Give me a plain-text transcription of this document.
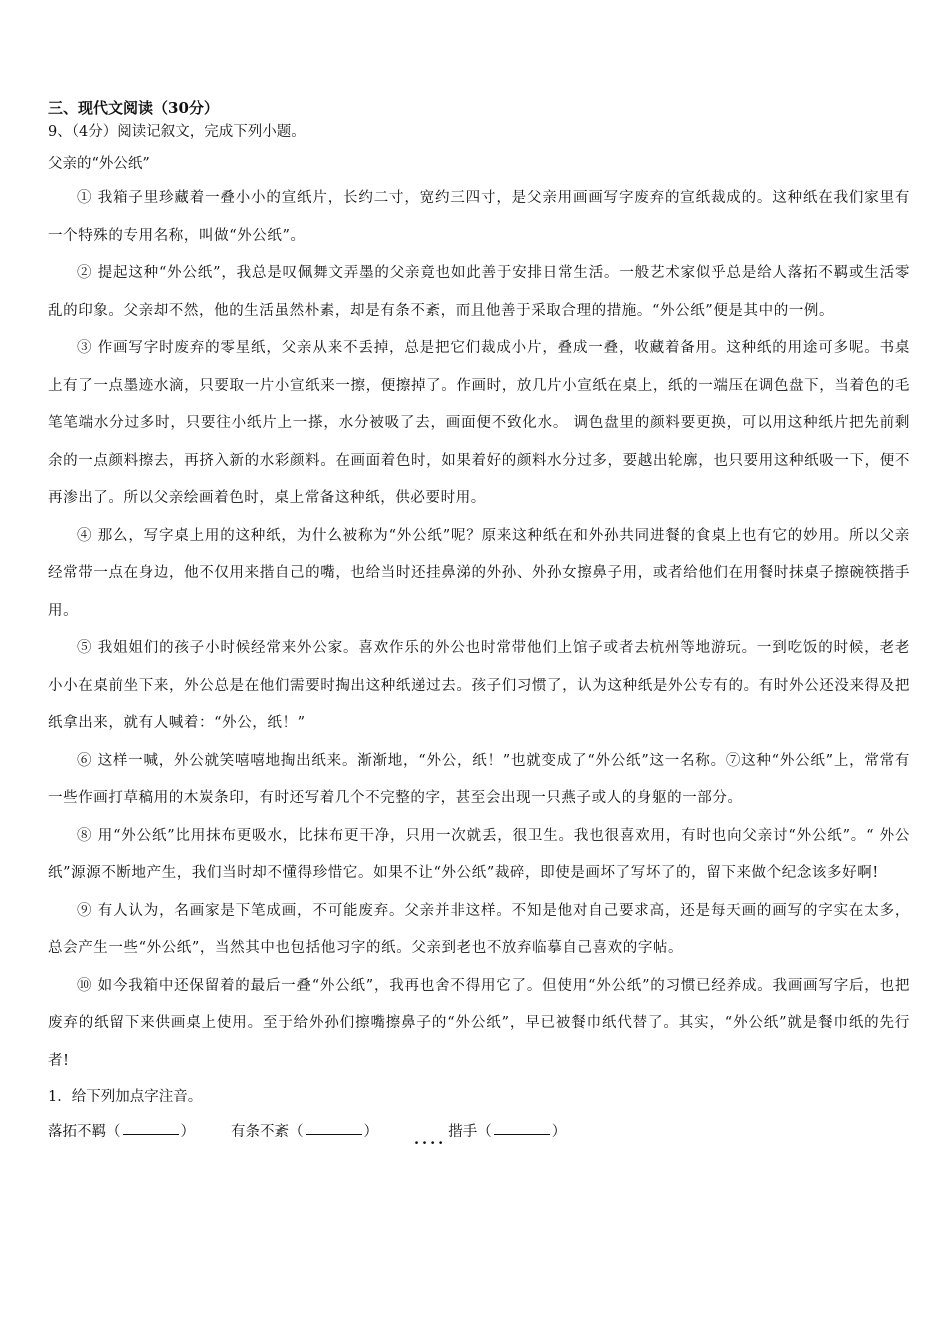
三、现代文阅读（30分）
9、（4分）阅读记叙文，完成下列小题。
父亲的“外公纸”

① 我箱子里珍藏着一叠小小的宣纸片，长约二寸，宽约三四寸，是父亲用画画写字废弃的宣纸裁成的。这种纸在我们家里有一个特殊的专用名称，叫做“外公纸”。

② 提起这种“外公纸”，我总是叹佩舞文弄墨的父亲竟也如此善于安排日常生活。一般艺术家似乎总是给人落拓不羁或生活零乱的印象。父亲却不然，他的生活虽然朴素，却是有条不紊，而且他善于采取合理的措施。“外公纸”便是其中的一例。

③ 作画写字时废弃的零星纸，父亲从来不丢掉，总是把它们裁成小片，叠成一叠，收藏着备用。这种纸的用途可多呢。书桌上有了一点墨迹水滴，只要取一片小宣纸来一擦，便擦掉了。作画时，放几片小宣纸在桌上，纸的一端压在调色盘下，当着色的毛笔笔端水分过多时，只要往小纸片上一搽，水分被吸了去，画面便不致化水。 调色盘里的颜料要更换，可以用这种纸片把先前剩余的一点颜料擦去，再挤入新的水彩颜料。在画面着色时，如果着好的颜料水分过多，要越出轮廓，也只要用这种纸吸一下，便不再渗出了。所以父亲绘画着色时，桌上常备这种纸，供必要时用。

④ 那么，写字桌上用的这种纸，为什么被称为“外公纸”呢？原来这种纸在和外孙共同进餐的食桌上也有它的妙用。所以父亲经常带一点在身边，他不仅用来揩自己的嘴，也给当时还挂鼻涕的外孙、外孙女擦鼻子用，或者给他们在用餐时抹桌子擦碗筷揩手用。

⑤ 我姐姐们的孩子小时候经常来外公家。喜欢作乐的外公也时常带他们上馆子或者去杭州等地游玩。一到吃饭的时候，老老小小在桌前坐下来，外公总是在他们需要时掏出这种纸递过去。孩子们习惯了，认为这种纸是外公专有的。有时外公还没来得及把纸拿出来，就有人喊着：“外公，纸！”

⑥ 这样一喊，外公就笑嘻嘻地掏出纸来。渐渐地，“外公，纸！”也就变成了“外公纸”这一名称。⑦这种“外公纸”上，常常有一些作画打草稿用的木炭条印，有时还写着几个不完整的字，甚至会出现一只燕子或人的身躯的一部分。

⑧ 用“外公纸”比用抹布更吸水，比抹布更干净，只用一次就丢，很卫生。我也很喜欢用，有时也向父亲讨“外公纸”。“ 外公纸”源源不断地产生，我们当时却不懂得珍惜它。如果不让“外公纸”裁碎，即使是画坏了写坏了的，留下来做个纪念该多好啊!

⑨ 有人认为，名画家是下笔成画，不可能废弃。父亲并非这样。不知是他对自己要求高，还是每天画的画写的字实在太多，总会产生一些“外公纸”，当然其中也包括他习字的纸。父亲到老也不放弃临摹自己喜欢的字帖。

⑩ 如今我箱中还保留着的最后一叠“外公纸”，我再也舍不得用它了。但使用“外公纸”的习惯已经养成。我画画写字后，也把废弃的纸留下来供画桌上使用。至于给外孙们擦嘴擦鼻子的“外公纸”，早已被餐巾纸代替了。其实，“外公纸”就是餐巾纸的先行者!

1．给下列加点字注音。
落拓不羁（	） 有条不紊（	） .... 揩手（	）
